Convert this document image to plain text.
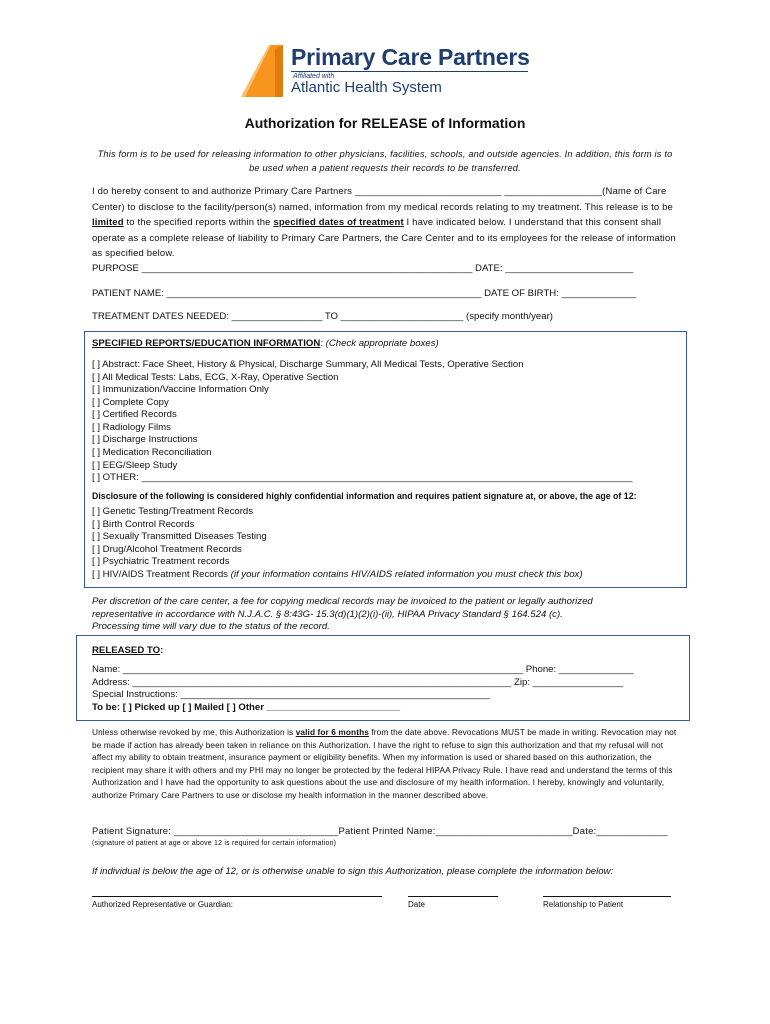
Primary Care Partners
Affiliated with
Atlantic Health System
Authorization for RELEASE of Information
This form is to be used for releasing information to other physicians, facilities, schools, and outside agencies. In addition, this form is to be used when a patient requests their records to be transferred.
I do hereby consent to and authorize Primary Care Partners ___________________________ __________________(Name of Care Center) to disclose to the facility/person(s) named, information from my medical records relating to my treatment. This release is to be limited to the specified reports within the specified dates of treatment I have indicated below. I understand that this consent shall operate as a complete release of liability to Primary Care Partners, the Care Center and to its employees for the release of information as specified below.
PURPOSE ______________________________________________________________ DATE: ________________________
PATIENT NAME: ___________________________________________________________ DATE OF BIRTH: ______________
TREATMENT DATES NEEDED: _________________ TO _______________________ (specify month/year)
SPECIFIED REPORTS/EDUCATION INFORMATION: (Check appropriate boxes)
[ ] Abstract: Face Sheet, History & Physical, Discharge Summary, All Medical Tests, Operative Section
[ ] All Medical Tests: Labs, ECG, X-Ray, Operative Section
[ ] Immunization/Vaccine Information Only
[ ] Complete Copy
[ ] Certified Records
[ ] Radiology Films
[ ] Discharge Instructions
[ ] Medication Reconciliation
[ ] EEG/Sleep Study
[ ] OTHER: ____________________________________________________________________________________________
Disclosure of the following is considered highly confidential information and requires patient signature at, or above, the age of 12:
[ ] Genetic Testing/Treatment Records
[ ] Birth Control Records
[ ] Sexually Transmitted Diseases Testing
[ ] Drug/Alcohol Treatment Records
[ ] Psychiatric Treatment records
[ ] HIV/AIDS Treatment Records (if your information contains HIV/AIDS related information you must check this box)
Per discretion of the care center, a fee for copying medical records may be invoiced to the patient or legally authorized
representative in accordance with N.J.A.C. § 8:43G- 15.3(d)(1)(2)(i)-(ii), HIPAA Privacy Standard § 164.524 (c).
Processing time will vary due to the status of the record.
RELEASED TO:
Name: ___________________________________________________________________________ Phone: ______________
Address: _______________________________________________________________________ Zip: _________________
Special Instructions: __________________________________________________________
To be: [ ] Picked up [ ] Mailed [ ] Other _________________________
Unless otherwise revoked by me, this Authorization is valid for 6 months from the date above. Revocations MUST be made in writing. Revocation may not be made if action has already been taken in reliance on this Authorization. I have the right to refuse to sign this authorization and that my refusal will not affect my ability to obtain treatment, insurance payment or eligibility benefits. When my information is used or shared based on this authorization, the recipient may share it with others and my PHI may no longer be protected by the federal HIPAA Privacy Rule. I have read and understand the terms of this Authorization and I have had the opportunity to ask questions about the use and disclosure of my health information. I hereby, knowingly and voluntarily, authorize Primary Care Partners to use or disclose my health information in the manner described above.
Patient Signature: ______________________________Patient Printed Name:_________________________Date:_____________
(signature of patient at age or above 12 is required for certain information)
If individual is below the age of 12, or is otherwise unable to sign this Authorization, please complete the information below:
Authorized Representative or Guardian:	Date	Relationship to Patient
